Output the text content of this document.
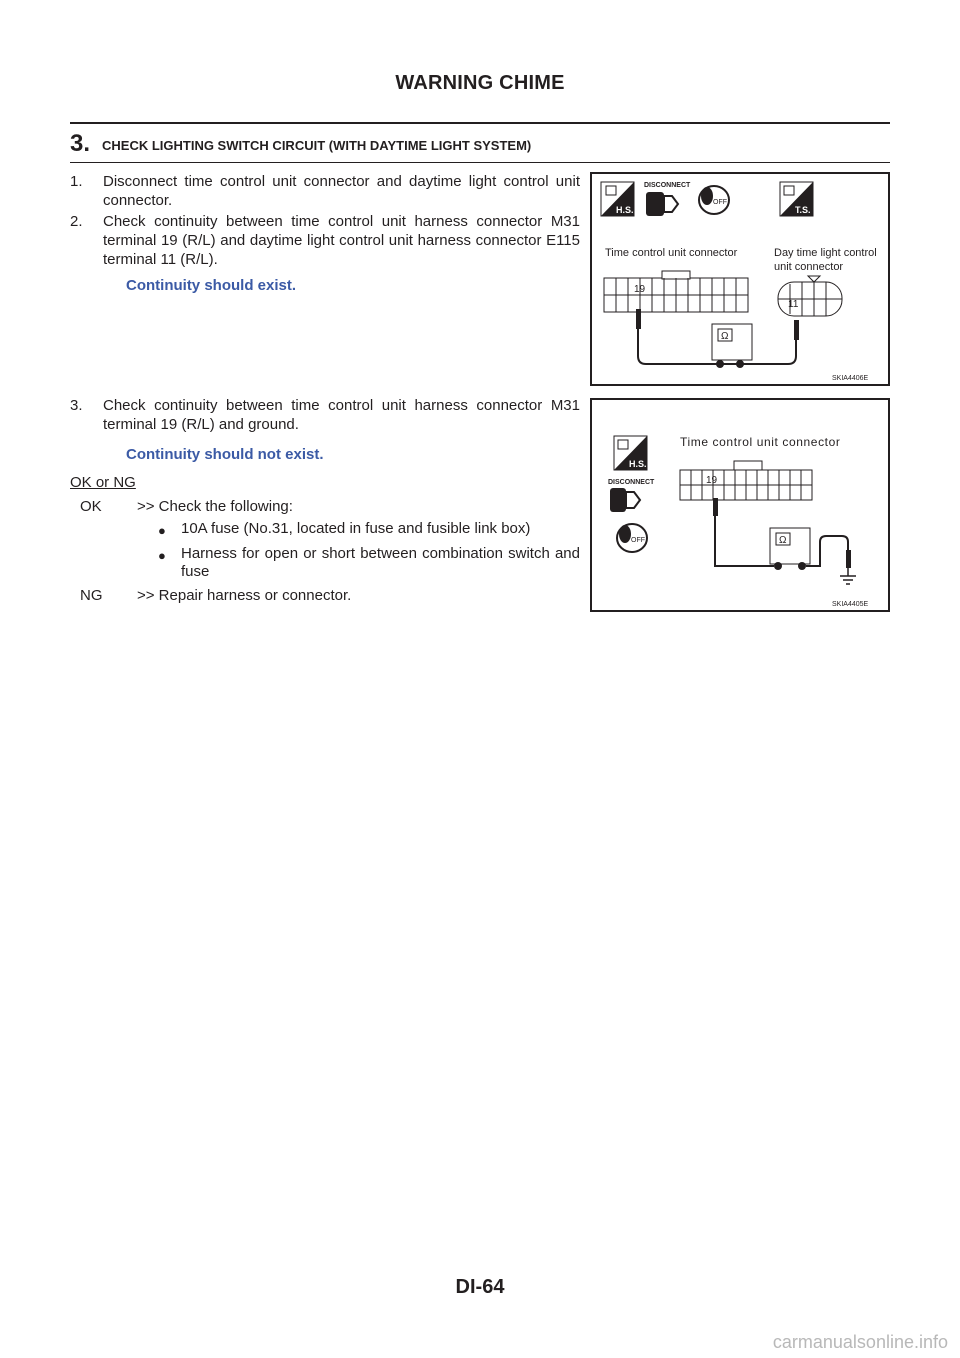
WARNING CHIME
3. CHECK LIGHTING SWITCH CIRCUIT (WITH DAYTIME LIGHT SYSTEM)
1.	Disconnect time control unit connector and daytime light control unit connector.
2.	Check continuity between time control unit harness connector M31 terminal 19 (R/L) and daytime light control unit harness connector E115 terminal 11 (R/L).
Continuity should exist.
3.	Check continuity between time control unit harness connector M31 terminal 19 (R/L) and ground.
Continuity should not exist.
OK or NG
OK >> Check the following:
● 10A fuse (No.31, located in fuse and fusible link box)
● Harness for open or short between combination switch and fuse
NG >> Repair harness or connector.
H.S.
DISCONNECT
OFF
T.S.
Time control unit connector	Day time light control
unit connector
19
11
Ω
SKIA4406E
H.S.
DISCONNECT
OFF
Time control unit connector
19
Ω
SKIA4405E
DI-64
carmanualsonline.info
